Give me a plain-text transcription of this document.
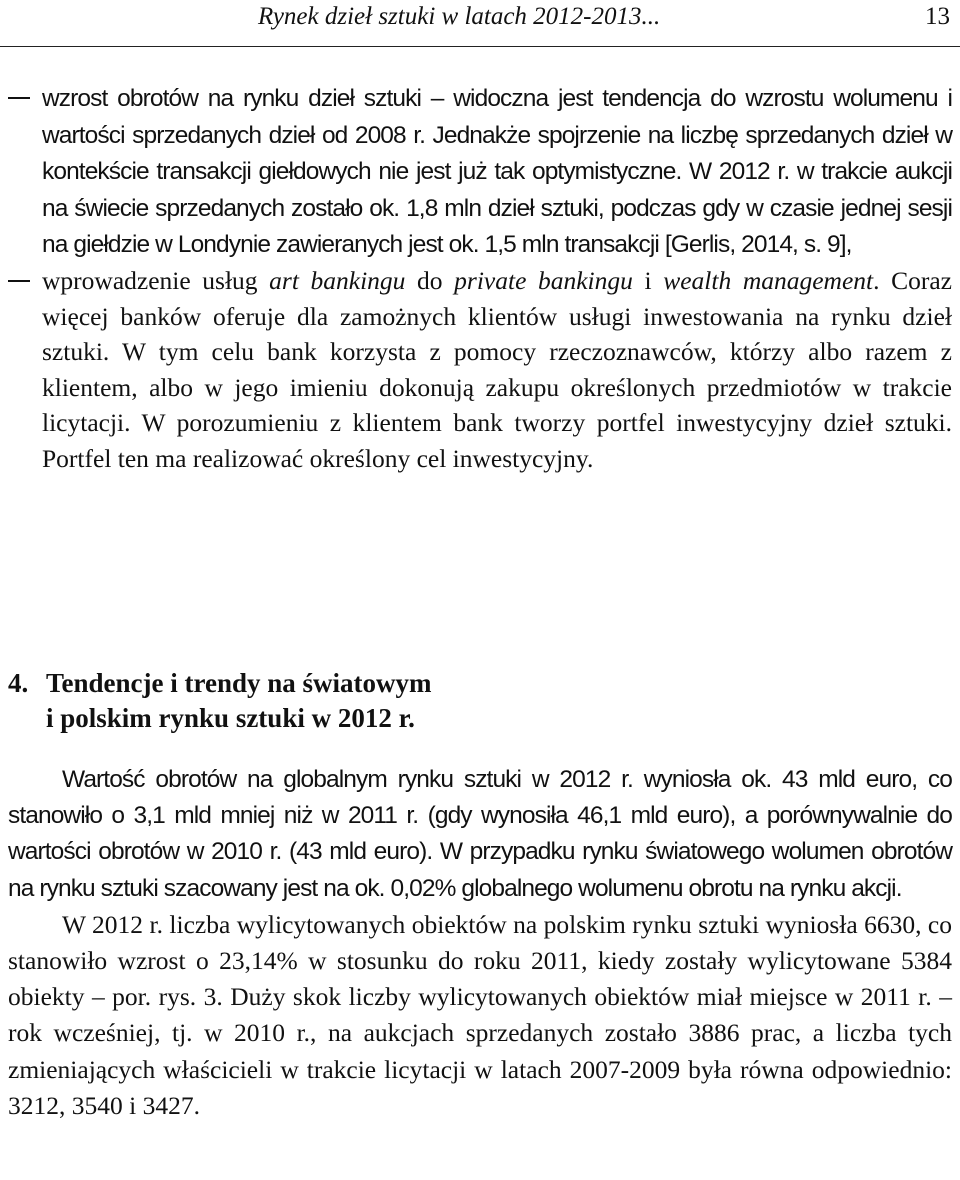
Rynek dzieł sztuki w latach 2012-2013...	13
wzrost obrotów na rynku dzieł sztuki – widoczna jest tendencja do wzrostu wolumenu i wartości sprzedanych dzieł od 2008 r. Jednakże spojrzenie na liczbę sprzedanych dzieł w kontekście transakcji giełdowych nie jest już tak optymistyczne. W 2012 r. w trakcie aukcji na świecie sprzedanych zostało ok. 1,8 mln dzieł sztuki, podczas gdy w czasie jednej sesji na giełdzie w Londynie zawieranych jest ok. 1,5 mln transakcji [Gerlis, 2014, s. 9],
wprowadzenie usług art bankingu do private bankingu i wealth management. Coraz więcej banków oferuje dla zamożnych klientów usługi inwestowania na rynku dzieł sztuki. W tym celu bank korzysta z pomocy rzeczoznawców, którzy albo razem z klientem, albo w jego imieniu dokonują zakupu określonych przedmiotów w trakcie licytacji. W porozumieniu z klientem bank tworzy portfel inwestycyjny dzieł sztuki. Portfel ten ma realizować określony cel inwestycyjny.
4. Tendencje i trendy na światowym
i polskim rynku sztuki w 2012 r.

Wartość obrotów na globalnym rynku sztuki w 2012 r. wyniosła ok. 43 mld euro, co stanowiło o 3,1 mld mniej niż w 2011 r. (gdy wynosiła 46,1 mld euro), a porównywalnie do wartości obrotów w 2010 r. (43 mld euro). W przypadku rynku światowego wolumen obrotów na rynku sztuki szacowany jest na ok. 0,02% globalnego wolumenu obrotu na rynku akcji.

W 2012 r. liczba wylicytowanych obiektów na polskim rynku sztuki wyniosła 6630, co stanowiło wzrost o 23,14% w stosunku do roku 2011, kiedy zostały wylicytowane 5384 obiekty – por. rys. 3. Duży skok liczby wylicytowanych obiektów miał miejsce w 2011 r. – rok wcześniej, tj. w 2010 r., na aukcjach sprzedanych zostało 3886 prac, a liczba tych zmieniających właścicieli w trakcie licytacji w latach 2007-2009 była równa odpowiednio: 3212, 3540 i 3427.
